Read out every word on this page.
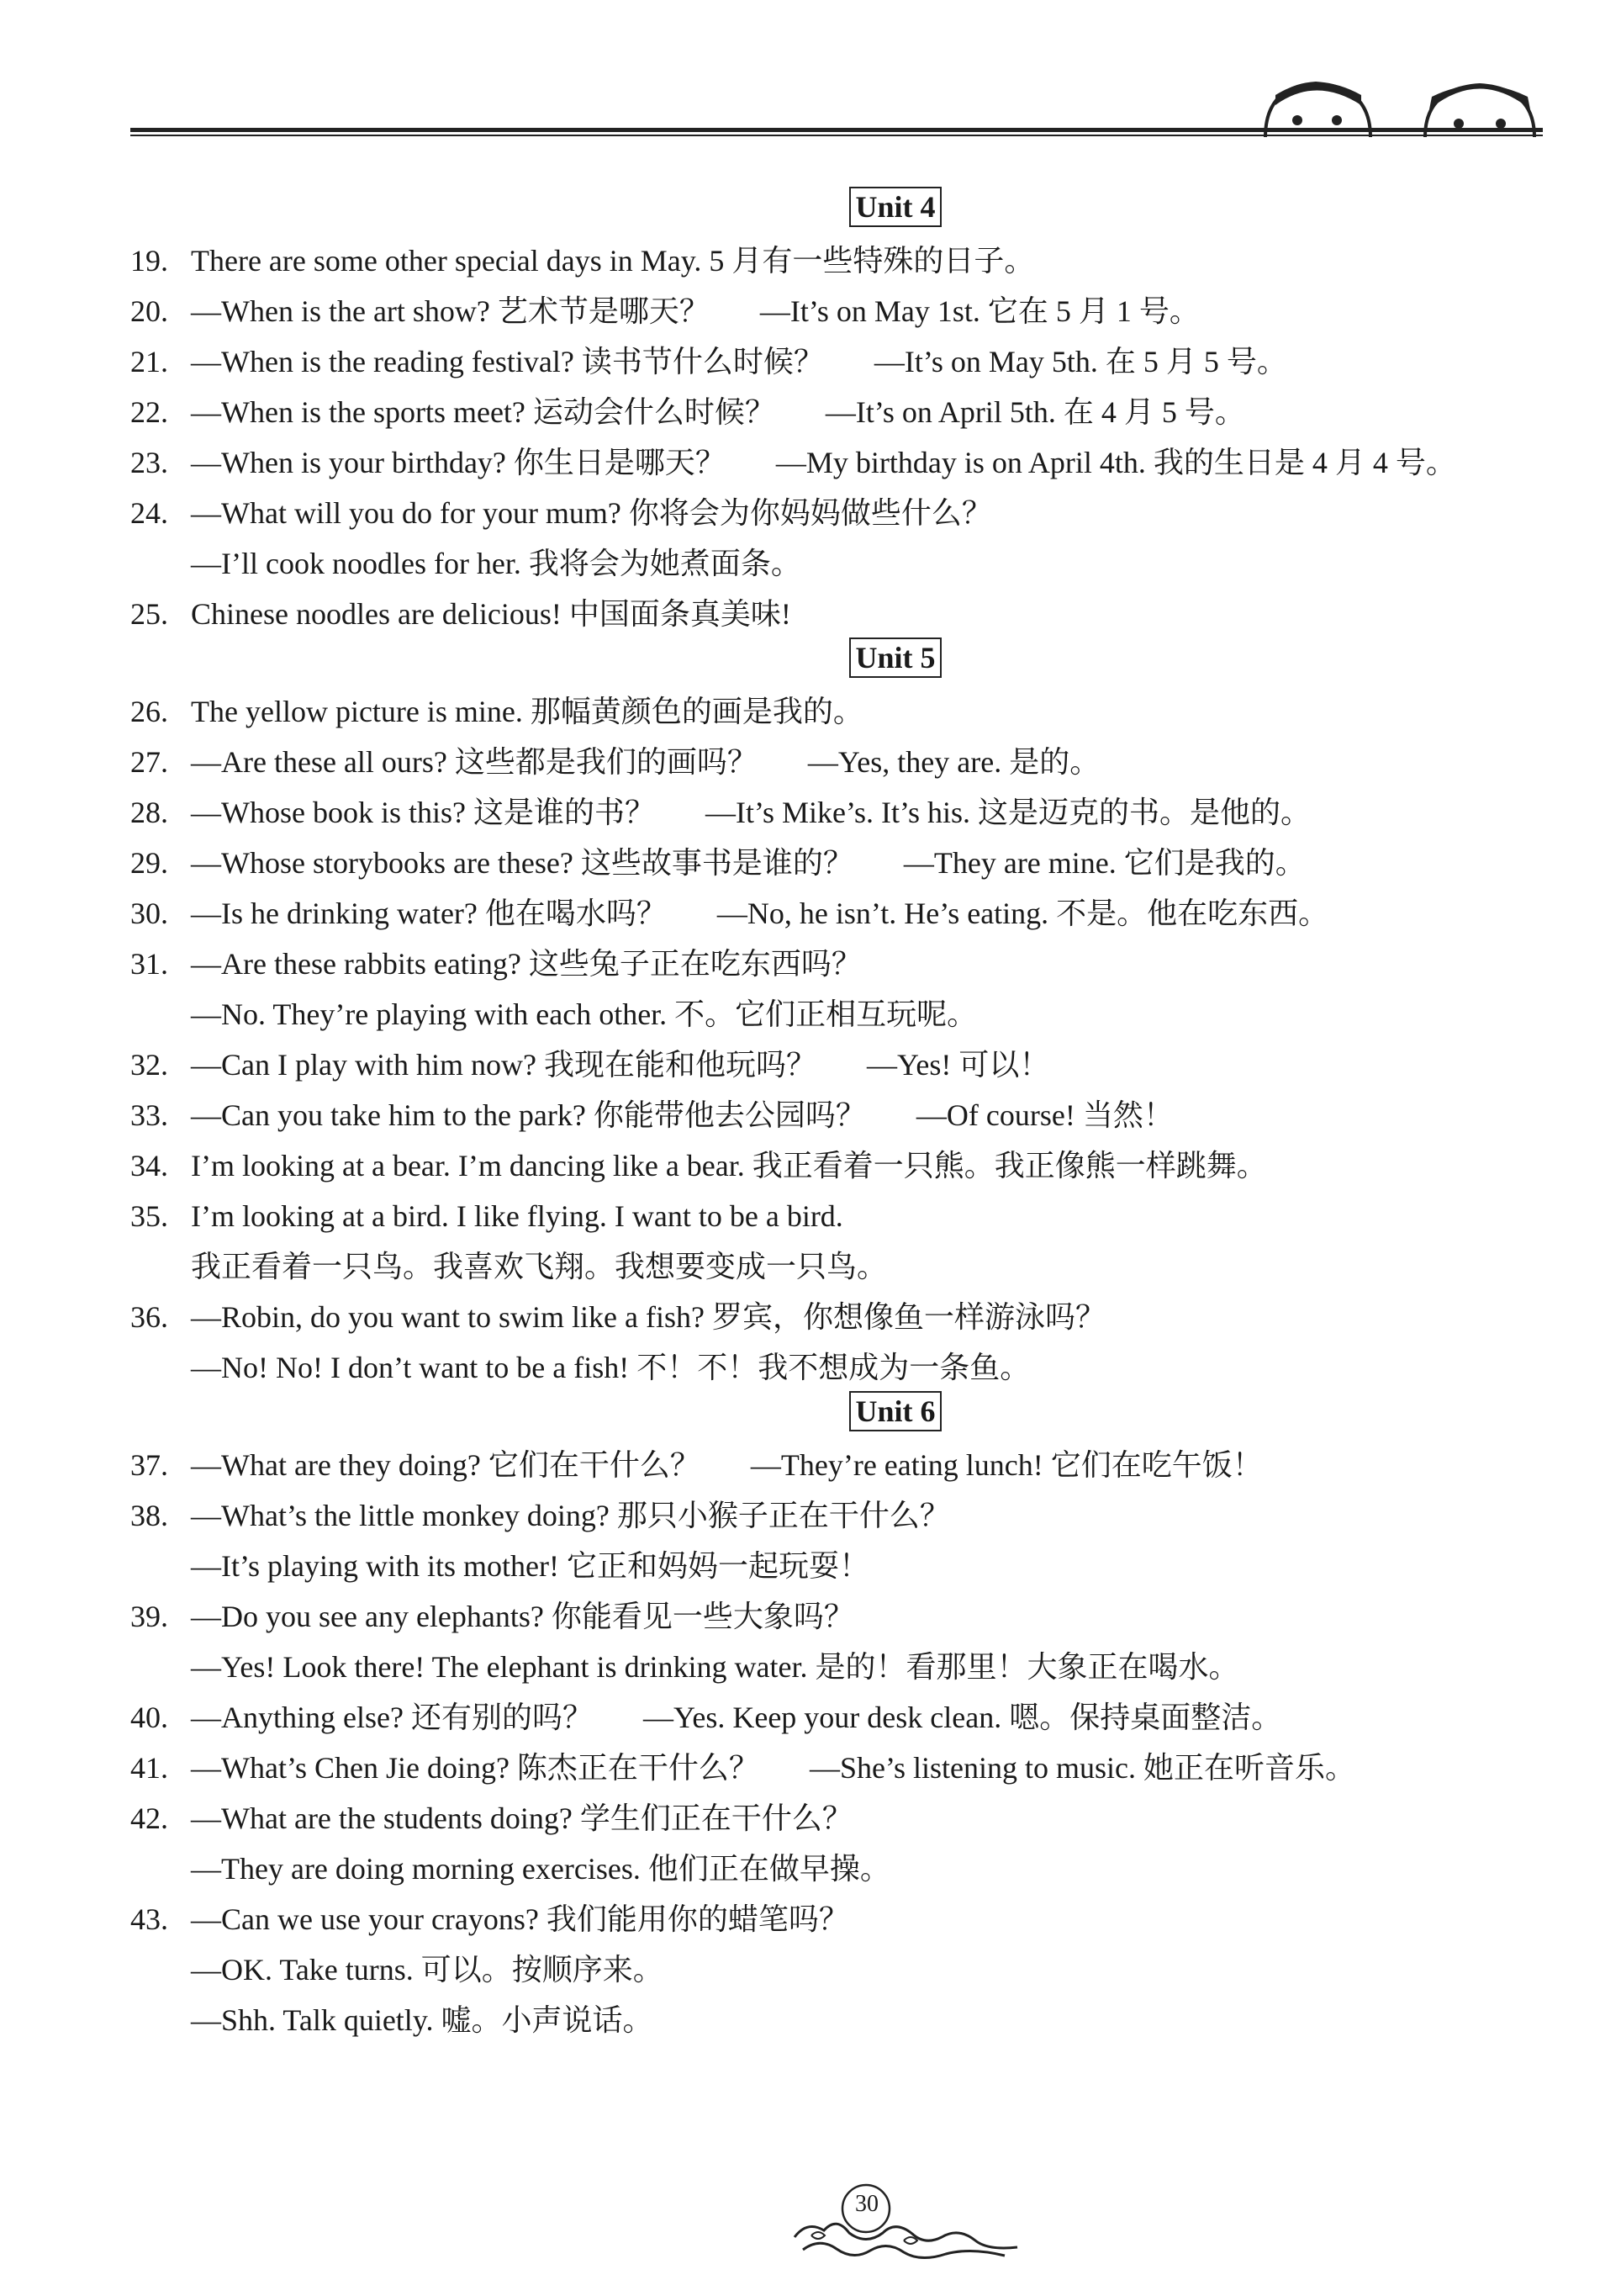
Unit 4
19. There are some other special days in May. 5 月有一些特殊的日子。
20. —When is the art show? 艺术节是哪天？ —It’s on May 1st. 它在 5 月 1 号。
21. —When is the reading festival? 读书节什么时候？ —It’s on May 5th. 在 5 月 5 号。
22. —When is the sports meet? 运动会什么时候？ —It’s on April 5th. 在 4 月 5 号。
23. —When is your birthday? 你生日是哪天？ —My birthday is on April 4th. 我的生日是 4 月 4 号。
24. —What will you do for your mum? 你将会为你妈妈做些什么？
—I’ll cook noodles for her. 我将会为她煮面条。
25. Chinese noodles are delicious! 中国面条真美味!
Unit 5
26. The yellow picture is mine. 那幅黄颜色的画是我的。
27. —Are these all ours? 这些都是我们的画吗？ —Yes, they are. 是的。
28. —Whose book is this? 这是谁的书？ —It’s Mike’s. It’s his. 这是迈克的书。是他的。
29. —Whose storybooks are these? 这些故事书是谁的？ —They are mine. 它们是我的。
30. —Is he drinking water? 他在喝水吗？ —No, he isn’t. He’s eating. 不是。他在吃东西。
31. —Are these rabbits eating? 这些兔子正在吃东西吗？
—No. They’re playing with each other. 不。它们正相互玩呢。
32. —Can I play with him now? 我现在能和他玩吗？ —Yes! 可以！
33. —Can you take him to the park? 你能带他去公园吗？ —Of course! 当然！
34. I’m looking at a bear. I’m dancing like a bear. 我正看着一只熊。我正像熊一样跳舞。
35. I’m looking at a bird. I like flying. I want to be a bird.
我正看着一只鸟。我喜欢飞翔。我想要变成一只鸟。
36. —Robin, do you want to swim like a fish? 罗宾，你想像鱼一样游泳吗？
—No! No! I don’t want to be a fish! 不！不！我不想成为一条鱼。
Unit 6
37. —What are they doing? 它们在干什么？ —They’re eating lunch! 它们在吃午饭！
38. —What’s the little monkey doing? 那只小猴子正在干什么？
—It’s playing with its mother! 它正和妈妈一起玩耍！
39. —Do you see any elephants? 你能看见一些大象吗？
—Yes! Look there! The elephant is drinking water. 是的！看那里！大象正在喝水。
40. —Anything else? 还有别的吗？ —Yes. Keep your desk clean. 嗯。保持桌面整洁。
41. —What’s Chen Jie doing? 陈杰正在干什么？ —She’s listening to music. 她正在听音乐。
42. —What are the students doing? 学生们正在干什么？
—They are doing morning exercises. 他们正在做早操。
43. —Can we use your crayons? 我们能用你的蜡笔吗？
—OK. Take turns. 可以。按顺序来。
—Shh. Talk quietly. 嘘。小声说话。
30
